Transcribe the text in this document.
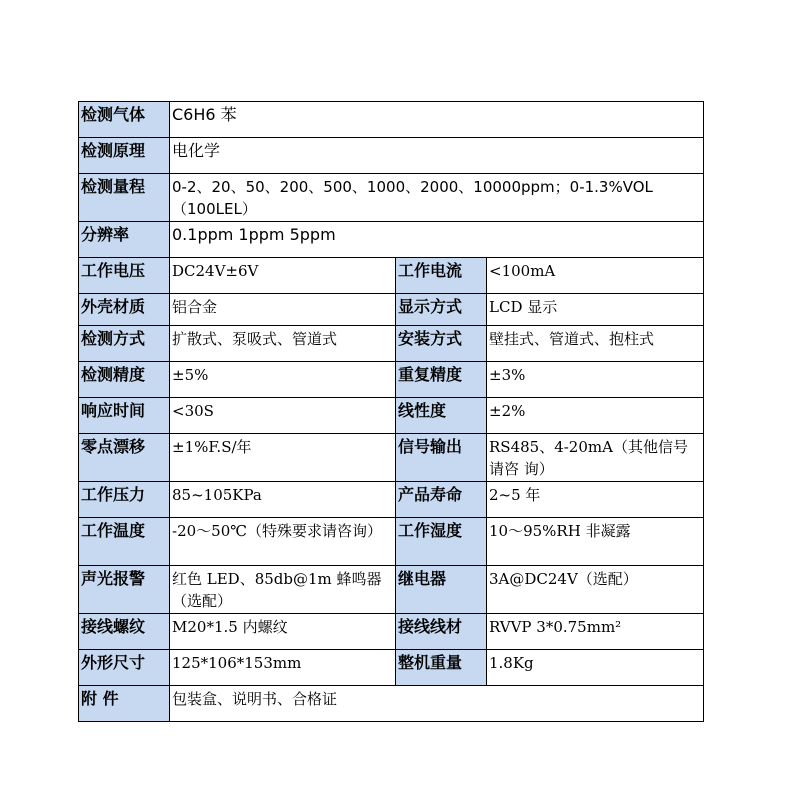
检测气体	C6H6 苯		
检测原理	电化学		
检测量程	0-2、20、50、200、500、1000、2000、10000ppm；0-1.3%VOL（100LEL）		
分辨率	0.1ppm 1ppm 5ppm		
工作电压	DC24V±6V	工作电流	<100mA
外壳材质	铝合金	显示方式	LCD 显示
检测方式	扩散式、泵吸式、管道式	安装方式	壁挂式、管道式、抱柱式
检测精度	±5%	重复精度	±3%
响应时间	<30S	线性度	±2%
零点漂移	±1%F.S/年	信号输出	RS485、4-20mA（其他信号请咨 询）
工作压力	85~105KPa	产品寿命	2~5 年
工作温度	-20～50℃（特殊要求请咨询）	工作湿度	10～95%RH 非凝露
声光报警	红色 LED、85db@1m 蜂鸣器（选配）	继电器	3A@DC24V（选配）
接线螺纹	M20*1.5 内螺纹	接线线材	RVVP 3*0.75mm²
外形尺寸	125*106*153mm	整机重量	1.8Kg
附 件	包装盒、说明书、合格证		
